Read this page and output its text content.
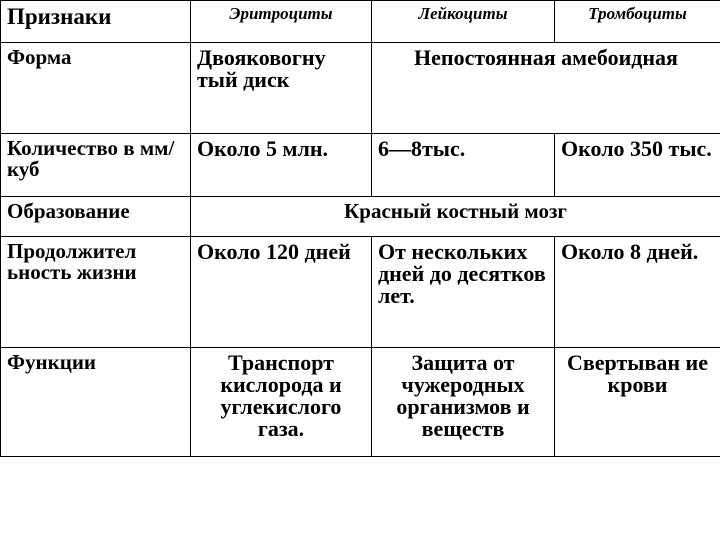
Признаки	Эритроциты	Лейкоциты	Тромбоциты
Форма	Двояковогну тый диск	Непостоянная амебоидная	
Количество в мм/куб	Около 5 млн.	6—8тыс.	Около 350 тыс.
Образование	Красный костный мозг		
Продолжител ьность жизни	Около 120 дней	От нескольких дней до десятков лет.	Около 8 дней.
Функции	Транспорт кислорода и углекислого газа.	Защита от чужеродных организмов и веществ	Свертыван ие крови
